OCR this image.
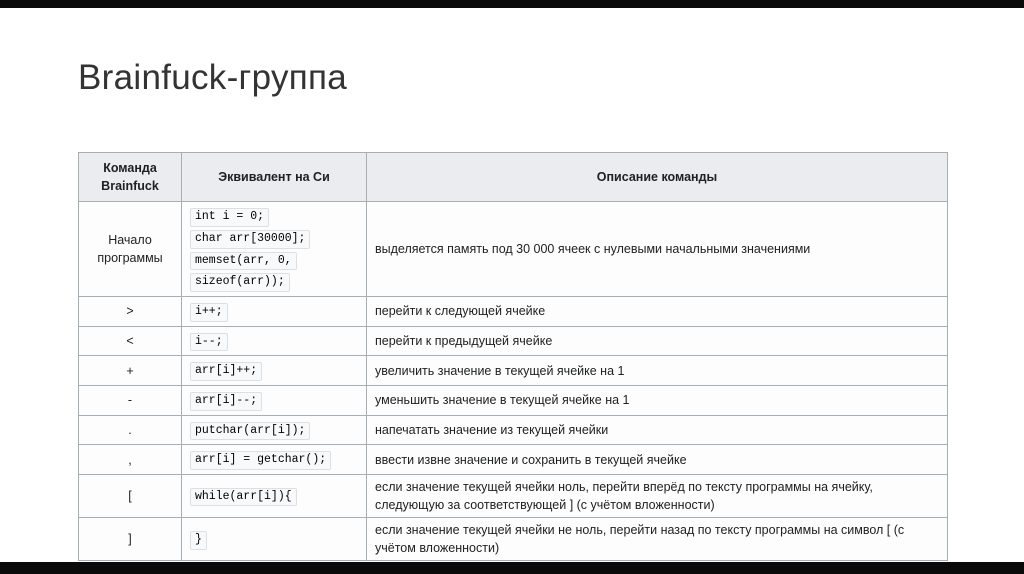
Brainfuck-группа
Команда Brainfuck	Эквивалент на Си	Описание команды
Начало программы	int i = 0;
char arr[30000];
memset(arr, 0,
sizeof(arr));	выделяется память под 30 000 ячеек с нулевыми начальными значениями
>	i++;	перейти к следующей ячейке
<	i--;	перейти к предыдущей ячейке
+	arr[i]++;	увеличить значение в текущей ячейке на 1
-	arr[i]--;	уменьшить значение в текущей ячейке на 1
.	putchar(arr[i]);	напечатать значение из текущей ячейки
,	arr[i] = getchar();	ввести извне значение и сохранить в текущей ячейке
[	while(arr[i]){	если значение текущей ячейки ноль, перейти вперёд по тексту программы на ячейку, следующую за соответствующей ] (с учётом вложенности)
]	}	если значение текущей ячейки не ноль, перейти назад по тексту программы на символ [ (с учётом вложенности)
